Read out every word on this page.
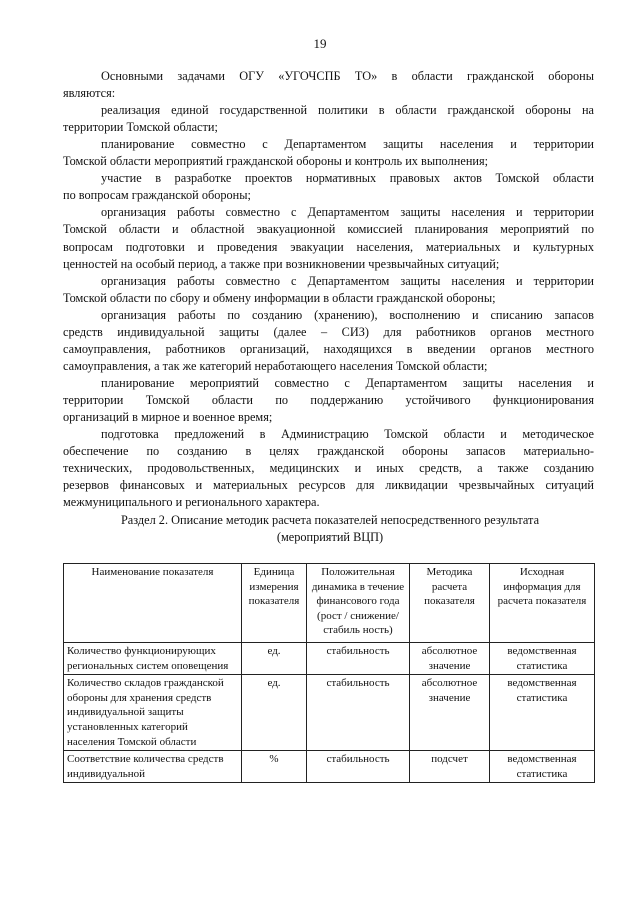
19
Основными задачами ОГУ «УГОЧСПБ ТО» в области гражданской обороны
являются:
реализация единой государственной политики в области гражданской обороны на
территории Томской области;
планирование совместно с Департаментом защиты населения и территории
Томской области мероприятий гражданской обороны и контроль их выполнения;
участие в разработке проектов нормативных правовых актов Томской области
по вопросам гражданской обороны;
организация работы совместно с Департаментом защиты населения и территории
Томской области и областной эвакуационной комиссией планирования мероприятий по
вопросам подготовки и проведения эвакуации населения, материальных и культурных
ценностей на особый период, а также при возникновении чрезвычайных ситуаций;
организация работы совместно с Департаментом защиты населения и территории
Томской области по сбору и обмену информации в области гражданской обороны;
организация работы по созданию (хранению), восполнению и списанию запасов
средств индивидуальной защиты (далее – СИЗ) для работников органов местного
самоуправления, работников организаций, находящихся в введении органов местного
самоуправления, а так же категорий неработающего населения Томской области;
планирование мероприятий совместно с Департаментом защиты населения и
территории Томской области по поддержанию устойчивого функционирования
организаций в мирное и военное время;
подготовка предложений в Администрацию Томской области и методическое
обеспечение по созданию в целях гражданской обороны запасов материально-
технических, продовольственных, медицинских и иных средств, а также созданию
резервов финансовых и материальных ресурсов для ликвидации чрезвычайных ситуаций
межмуниципального и регионального характера.
Раздел 2. Описание методик расчета показателей непосредственного результата
(мероприятий ВЦП)
Наименование показателя	Единица измерения показателя	Положительная динамика в течение финансового года (рост / снижение/стабиль ность)	Методика расчета показателя	Исходная информация для расчета показателя
Количество функционирующих региональных систем оповещения	ед.	стабильность	абсолютное значение	ведомственная статистика
Количество складов гражданской обороны для хранения средств индивидуальной защиты установленных категорий населения Томской области	ед.	стабильность	абсолютное значение	ведомственная статистика
Соответствие количества средств индивидуальной	%	стабильность	подсчет	ведомственная статистика
